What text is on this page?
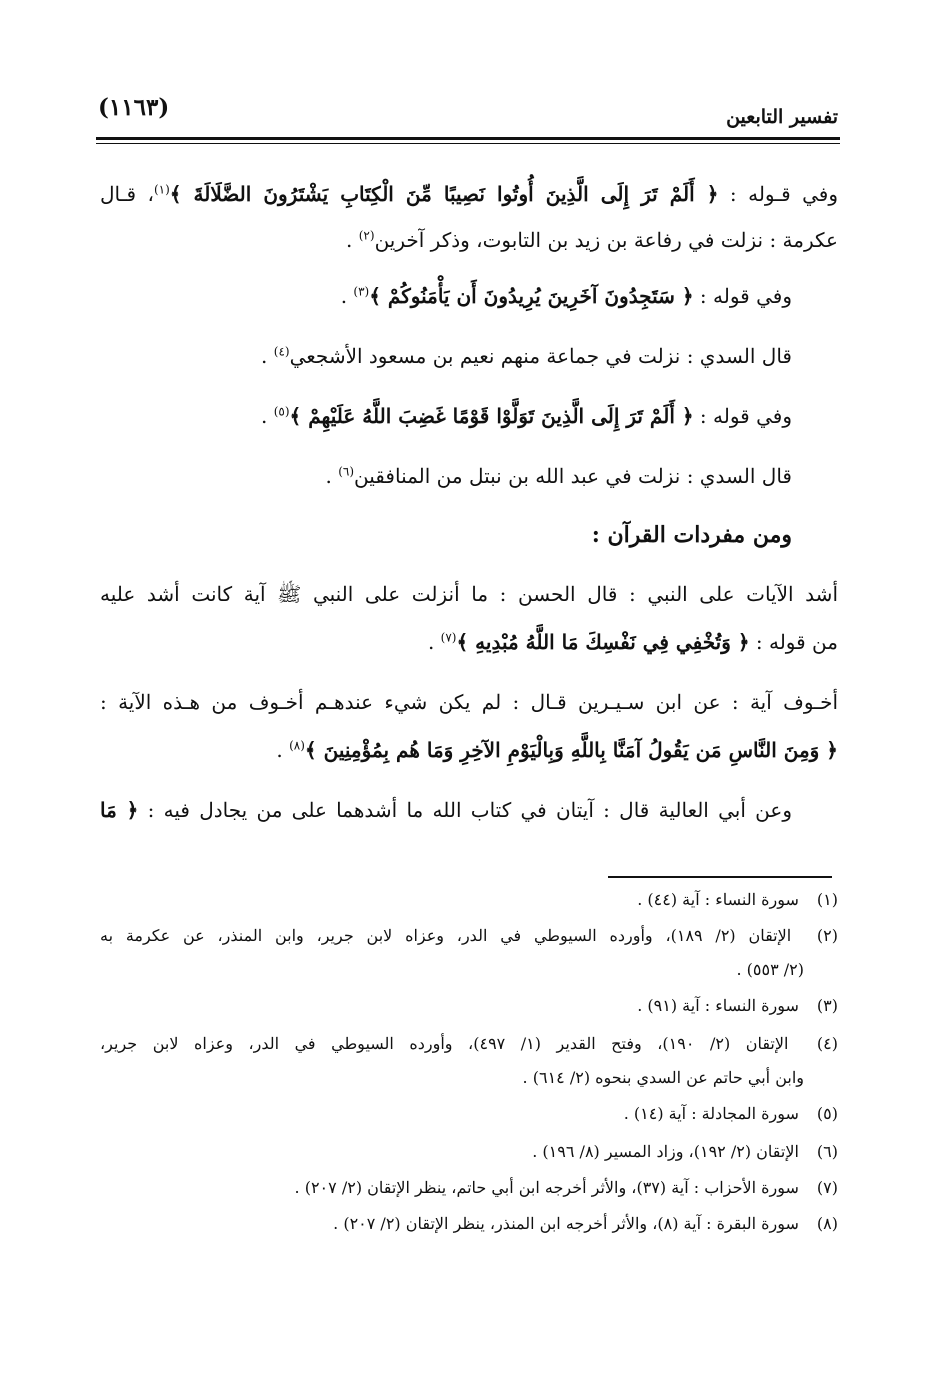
(١١٦٣)	تفسير التابعين
وفي قـوله : ﴿ أَلَمْ تَرَ إِلَى الَّذِينَ أُوتُوا نَصِيبًا مِّنَ الْكِتَابِ يَشْتَرُونَ الضَّلَالَةَ ﴾$^{(١)}$، قـال
عكرمة : نزلت في رفاعة بن زيد بن التابوت، وذكر آخرين$^{(٢)}$ .
وفي قوله : ﴿ سَتَجِدُونَ آخَرِينَ يُرِيدُونَ أَن يَأْمَنُوكُمْ ﴾$^{(٣)}$ .
قال السدي : نزلت في جماعة منهم نعيم بن مسعود الأشجعي$^{(٤)}$ .
وفي قوله : ﴿ أَلَمْ تَرَ إِلَى الَّذِينَ تَوَلَّوْا قَوْمًا غَضِبَ اللَّهُ عَلَيْهِمْ ﴾$^{(٥)}$ .
قال السدي : نزلت في عبد الله بن نبتل من المنافقين$^{(٦)}$ .
ومن مفردات القرآن :
أشد الآيات على النبي : قال الحسن : ما أنزلت على النبي ﷺ آية كانت أشد عليه
من قوله : ﴿ وَتُخْفِي فِي نَفْسِكَ مَا اللَّهُ مُبْدِيهِ ﴾$^{(٧)}$ .
أخـوف آية : عن ابن سـيـرين قـال : لم يكن شيء عندهـم أخـوف من هـذه الآية :
﴿ وَمِنَ النَّاسِ مَن يَقُولُ آمَنَّا بِاللَّهِ وَبِالْيَوْمِ الآخِرِ وَمَا هُم بِمُؤْمِنِينَ ﴾$^{(٨)}$ .
وعن أبي العالية قال : آيتان في كتاب الله ما أشدهما على من يجادل فيه : ﴿ مَا
(١) سورة النساء : آية (٤٤) .
(٢) الإتقان (٢/ ١٨٩)، وأورده السيوطي في الدر، وعزاه لابن جرير، وابن المنذر، عن عكرمة به
(٢/ ٥٥٣) .
(٣) سورة النساء : آية (٩١) .
(٤) الإتقان (٢/ ١٩٠)، وفتح القدير (١/ ٤٩٧)، وأورده السيوطي في الدر، وعزاه لابن جرير،
وابن أبي حاتم عن السدي بنحوه (٢/ ٦١٤) .
(٥) سورة المجادلة : آية (١٤) .
(٦) الإتقان (٢/ ١٩٢)، وزاد المسير (٨/ ١٩٦) .
(٧) سورة الأحزاب : آية (٣٧)، والأثر أخرجه ابن أبي حاتم، ينظر الإتقان (٢/ ٢٠٧) .
(٨) سورة البقرة : آية (٨)، والأثر أخرجه ابن المنذر، ينظر الإتقان (٢/ ٢٠٧) .
